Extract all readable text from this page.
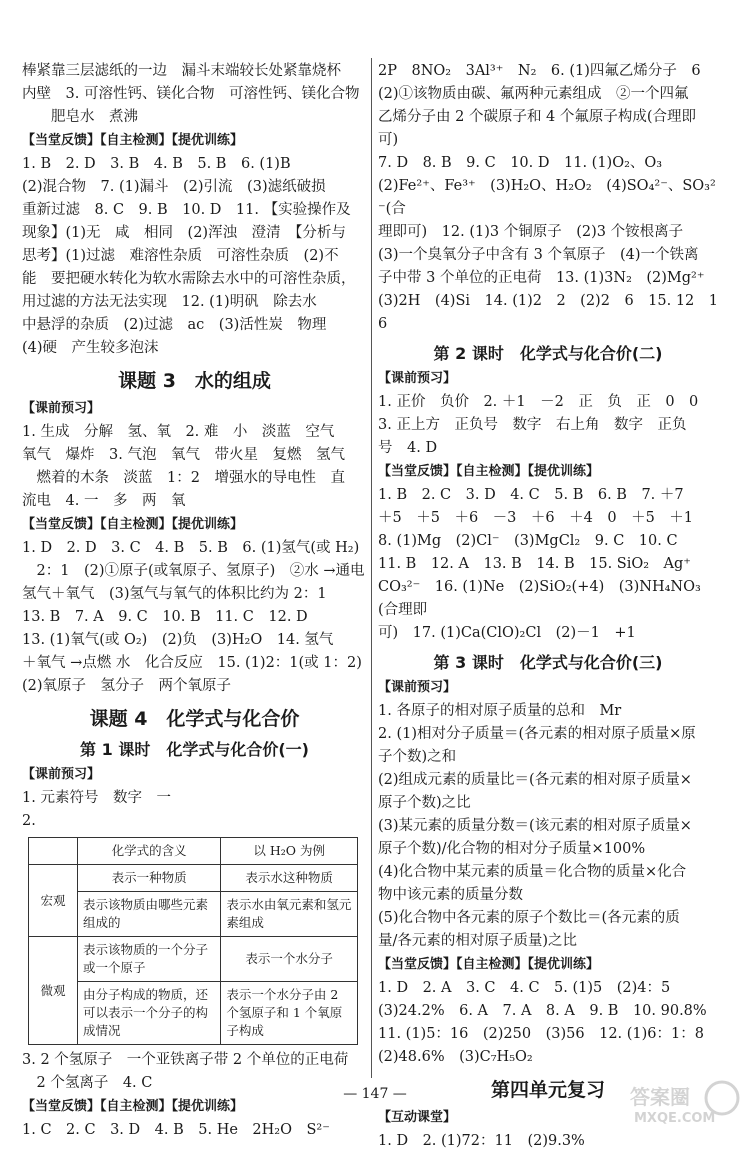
棒紧靠三层滤纸的一边　漏斗末端较长处紧靠烧杯

内壁　3. 可溶性钙、镁化合物　可溶性钙、镁化合物

　　肥皂水　煮沸

【当堂反馈】【自主检测】【提优训练】

1. B　2. D　3. B　4. B　5. B　6. (1)B

(2)混合物　7. (1)漏斗　(2)引流　(3)滤纸破损

重新过滤　8. C　9. B　10. D　11. 【实验操作及

现象】(1)无　咸　相同　(2)浑浊　澄清　【分析与

思考】(1)过滤　难溶性杂质　可溶性杂质　(2)不

能　要把硬水转化为软水需除去水中的可溶性杂质，

用过滤的方法无法实现　12. (1)明矾　除去水

中悬浮的杂质　(2)过滤　ac　(3)活性炭　物理

(4)硬　产生较多泡沫

课题 3　水的组成
【课前预习】

1. 生成　分解　氢、氧　2. 难　小　淡蓝　空气

氧气　爆炸　3. 气泡　氧气　带火星　复燃　氢气

　燃着的木条　淡蓝　1：2　增强水的导电性　直

流电　4. 一　多　两　氧

【当堂反馈】【自主检测】【提优训练】

1. D　2. D　3. C　4. B　5. B　6. (1)氢气(或 H₂)

　2：1　(2)①原子(或氧原子、氢原子)　②水 →通电

氢气＋氧气　(3)氢气与氧气的体积比约为 2：1

13. B　7. A　9. C　10. B　11. C　12. D

13. (1)氧气(或 O₂)　(2)负　(3)H₂O　14. 氢气

＋氧气 →点燃 水　化合反应　15. (1)2：1(或 1：2)

(2)氧原子　氢分子　两个氧原子

课题 4　化学式与化合价
第 1 课时　化学式与化合价(一)
【课前预习】

1. 元素符号　数字　一

2.

	化学式的含义	以 H₂O 为例
宏观	表示一种物质	表示水这种物质
	表示该物质由哪些元素组成的	表示水由氧元素和氢元素组成
微观	表示该物质的一个分子或一个原子	表示一个水分子
	由分子构成的物质，还可以表示一个分子的构成情况	表示一个水分子由 2 个氢原子和 1 个氧原子构成

3. 2 个氢原子　一个亚铁离子带 2 个单位的正电荷

　2 个氢离子　4. C

【当堂反馈】【自主检测】【提优训练】

1. C　2. C　3. D　4. B　5. He　2H₂O　S²⁻

2P　8NO₂　3Al³⁺　N₂　6. (1)四氟乙烯分子　6

(2)①该物质由碳、氟两种元素组成　②一个四氟

乙烯分子由 2 个碳原子和 4 个氟原子构成(合理即

可)

7. D　8. B　9. C　10. D　11. (1)O₂、O₃

(2)Fe²⁺、Fe³⁺　(3)H₂O、H₂O₂　(4)SO₄²⁻、SO₃²⁻(合

理即可)　12. (1)3 个铜原子　(2)3 个铵根离子

(3)一个臭氧分子中含有 3 个氧原子　(4)一个铁离

子中带 3 个单位的正电荷　13. (1)3N₂　(2)Mg²⁺

(3)2H　(4)Si　14. (1)2　2　(2)2　6　15. 12　16

第 2 课时　化学式与化合价(二)
【课前预习】

1. 正价　负价　2. ＋1　－2　正　负　正　0　0

3. 正上方　正负号　数字　右上角　数字　正负

号　4. D

【当堂反馈】【自主检测】【提优训练】

1. B　2. C　3. D　4. C　5. B　6. B　7. ＋7

＋5　＋5　＋6　－3　＋6　＋4　0　＋5　＋1

8. (1)Mg　(2)Cl⁻　(3)MgCl₂　9. C　10. C

11. B　12. A　13. B　14. B　15. SiO₂　Ag⁺

CO₃²⁻　16. (1)Ne　(2)SiO₂(+4)　(3)NH₄NO₃(合理即

可)　17. (1)Ca(ClO)₂Cl　(2)－1　+1

第 3 课时　化学式与化合价(三)
【课前预习】

1. 各原子的相对原子质量的总和　Mr

2. (1)相对分子质量＝(各元素的相对原子质量×原

子个数)之和

(2)组成元素的质量比＝(各元素的相对原子质量×

原子个数)之比

(3)某元素的质量分数＝(该元素的相对原子质量×

原子个数)/化合物的相对分子质量×100%

(4)化合物中某元素的质量＝化合物的质量×化合

物中该元素的质量分数

(5)化合物中各元素的原子个数比＝(各元素的质

量/各元素的相对原子质量)之比

【当堂反馈】【自主检测】【提优训练】

1. D　2. A　3. C　4. C　5. (1)5　(2)4：5

(3)24.2%　6. A　7. A　8. A　9. B　10. 90.8%

11. (1)5：16　(2)250　(3)56　12. (1)6：1：8

(2)48.6%　(3)C₇H₅O₂

第四单元复习
【互动课堂】

1. D　2. (1)72：11　(2)9.3%

— 147 —	答案圈
MXQE.COM
